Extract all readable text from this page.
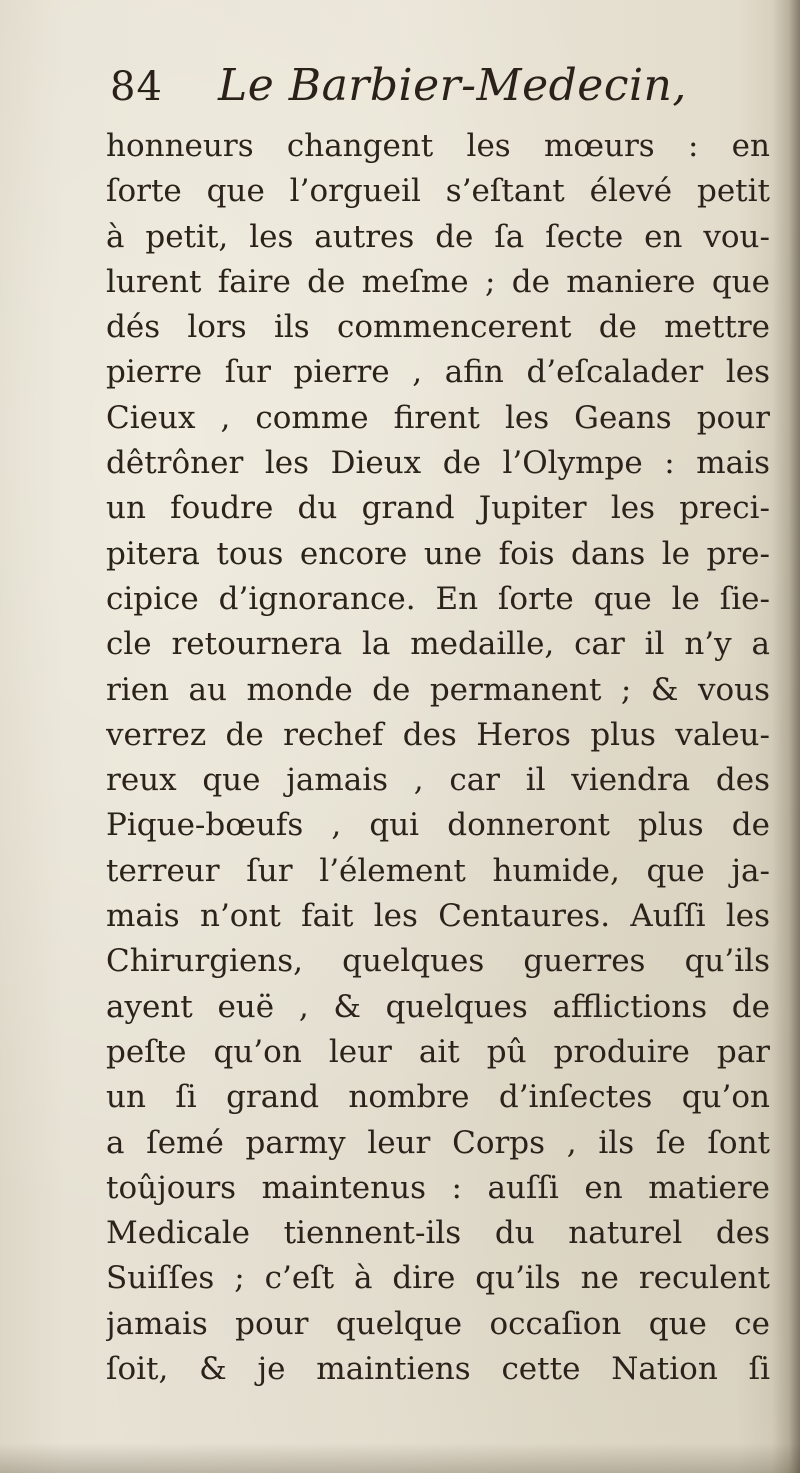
84 Le Barbier-Medecin,
honneurs changent les mœurs : en
ſorte que l’orgueil s’eſtant élevé petit
à petit, les autres de ſa ſecte en vou-
lurent faire de meſme ; de maniere que
dés lors ils commencerent de mettre
pierre ſur pierre , afin d’eſcalader les
Cieux , comme firent les Geans pour
dêtrôner les Dieux de l’Olympe : mais
un foudre du grand Jupiter les preci-
pitera tous encore une fois dans le pre-
cipice d’ignorance. En ſorte que le ſie-
cle retournera la medaille, car il n’y a
rien au monde de permanent ; & vous
verrez de rechef des Heros plus valeu-
reux que jamais , car il viendra des
Pique-bœufs , qui donneront plus de
terreur ſur l’élement humide, que ja-
mais n’ont fait les Centaures. Auſſi les
Chirurgiens, quelques guerres qu’ils
ayent euë , & quelques afflictions de
peſte qu’on leur ait pû produire par
un ſi grand nombre d’inſectes qu’on
a ſemé parmy leur Corps , ils ſe ſont
toûjours maintenus : auſſi en matiere
Medicale tiennent-ils du naturel des
Suiſſes ; c’eſt à dire qu’ils ne reculent
jamais pour quelque occaſion que ce
ſoit, & je maintiens cette Nation ſi
